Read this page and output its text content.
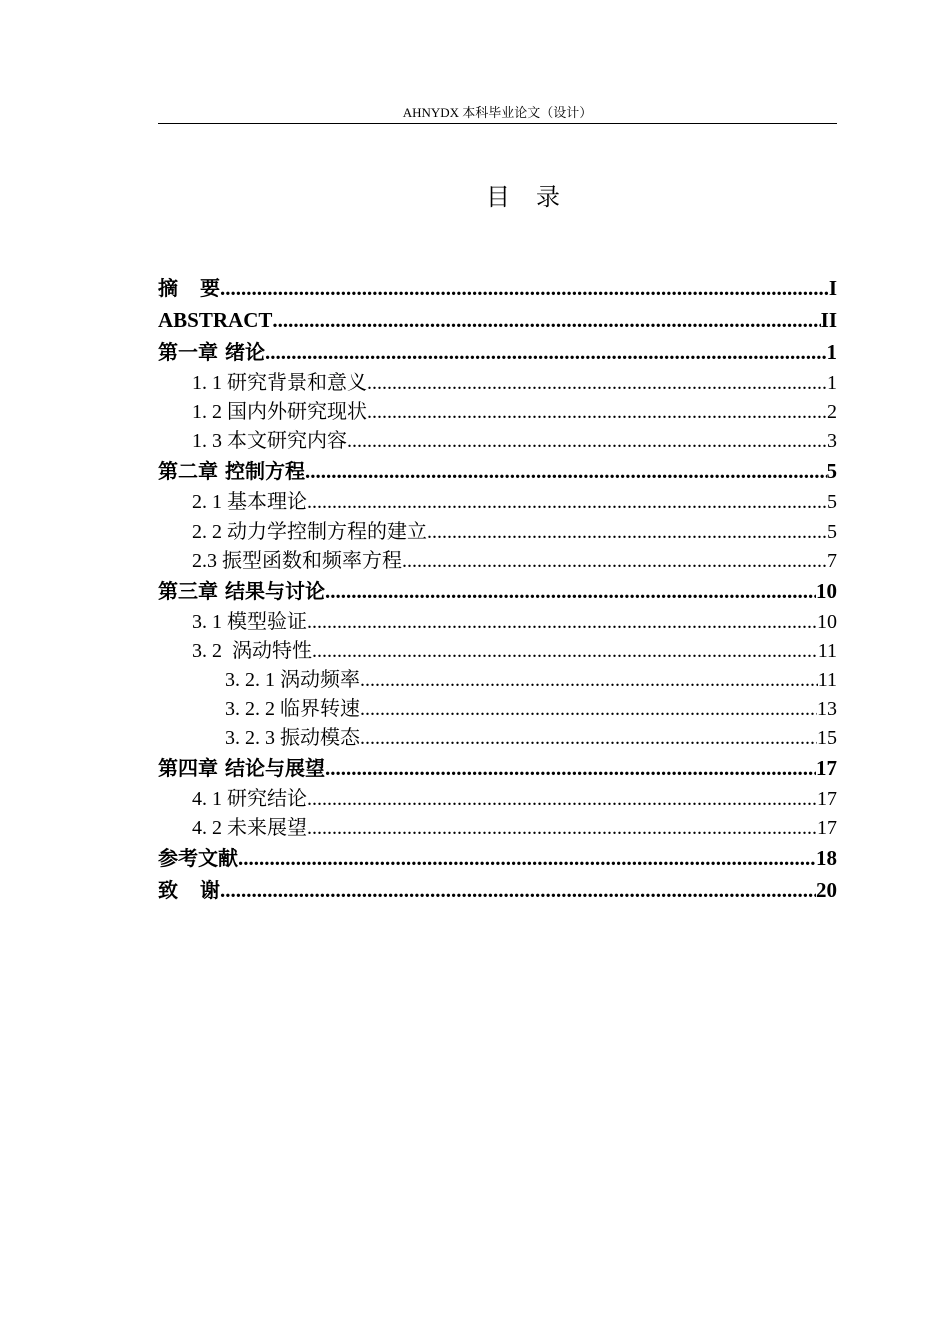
AHNYDX 本科毕业论文（设计）
目 录
摘 要 .....	I
ABSTRACT .....	II
第一章 绪论 .....	1
1. 1 研究背景和意义 .....	1
1. 2 国内外研究现状 .....	2
1. 3 本文研究内容 .....	3
第二章 控制方程 .....	5
2. 1 基本理论 .....	5
2. 2 动力学控制方程的建立 .....	5
2.3 振型函数和频率方程 .....	7
第三章 结果与讨论 .....	10
3. 1 模型验证 .....	10
3. 2  涡动特性 .....	11
3. 2. 1 涡动频率 .....	11
3. 2. 2 临界转速 .....	13
3. 2. 3 振动模态 .....	15
第四章 结论与展望 .....	17
4. 1 研究结论 .....	17
4. 2 未来展望 .....	17
参考文献 .....	18
致 谢 .....	20
